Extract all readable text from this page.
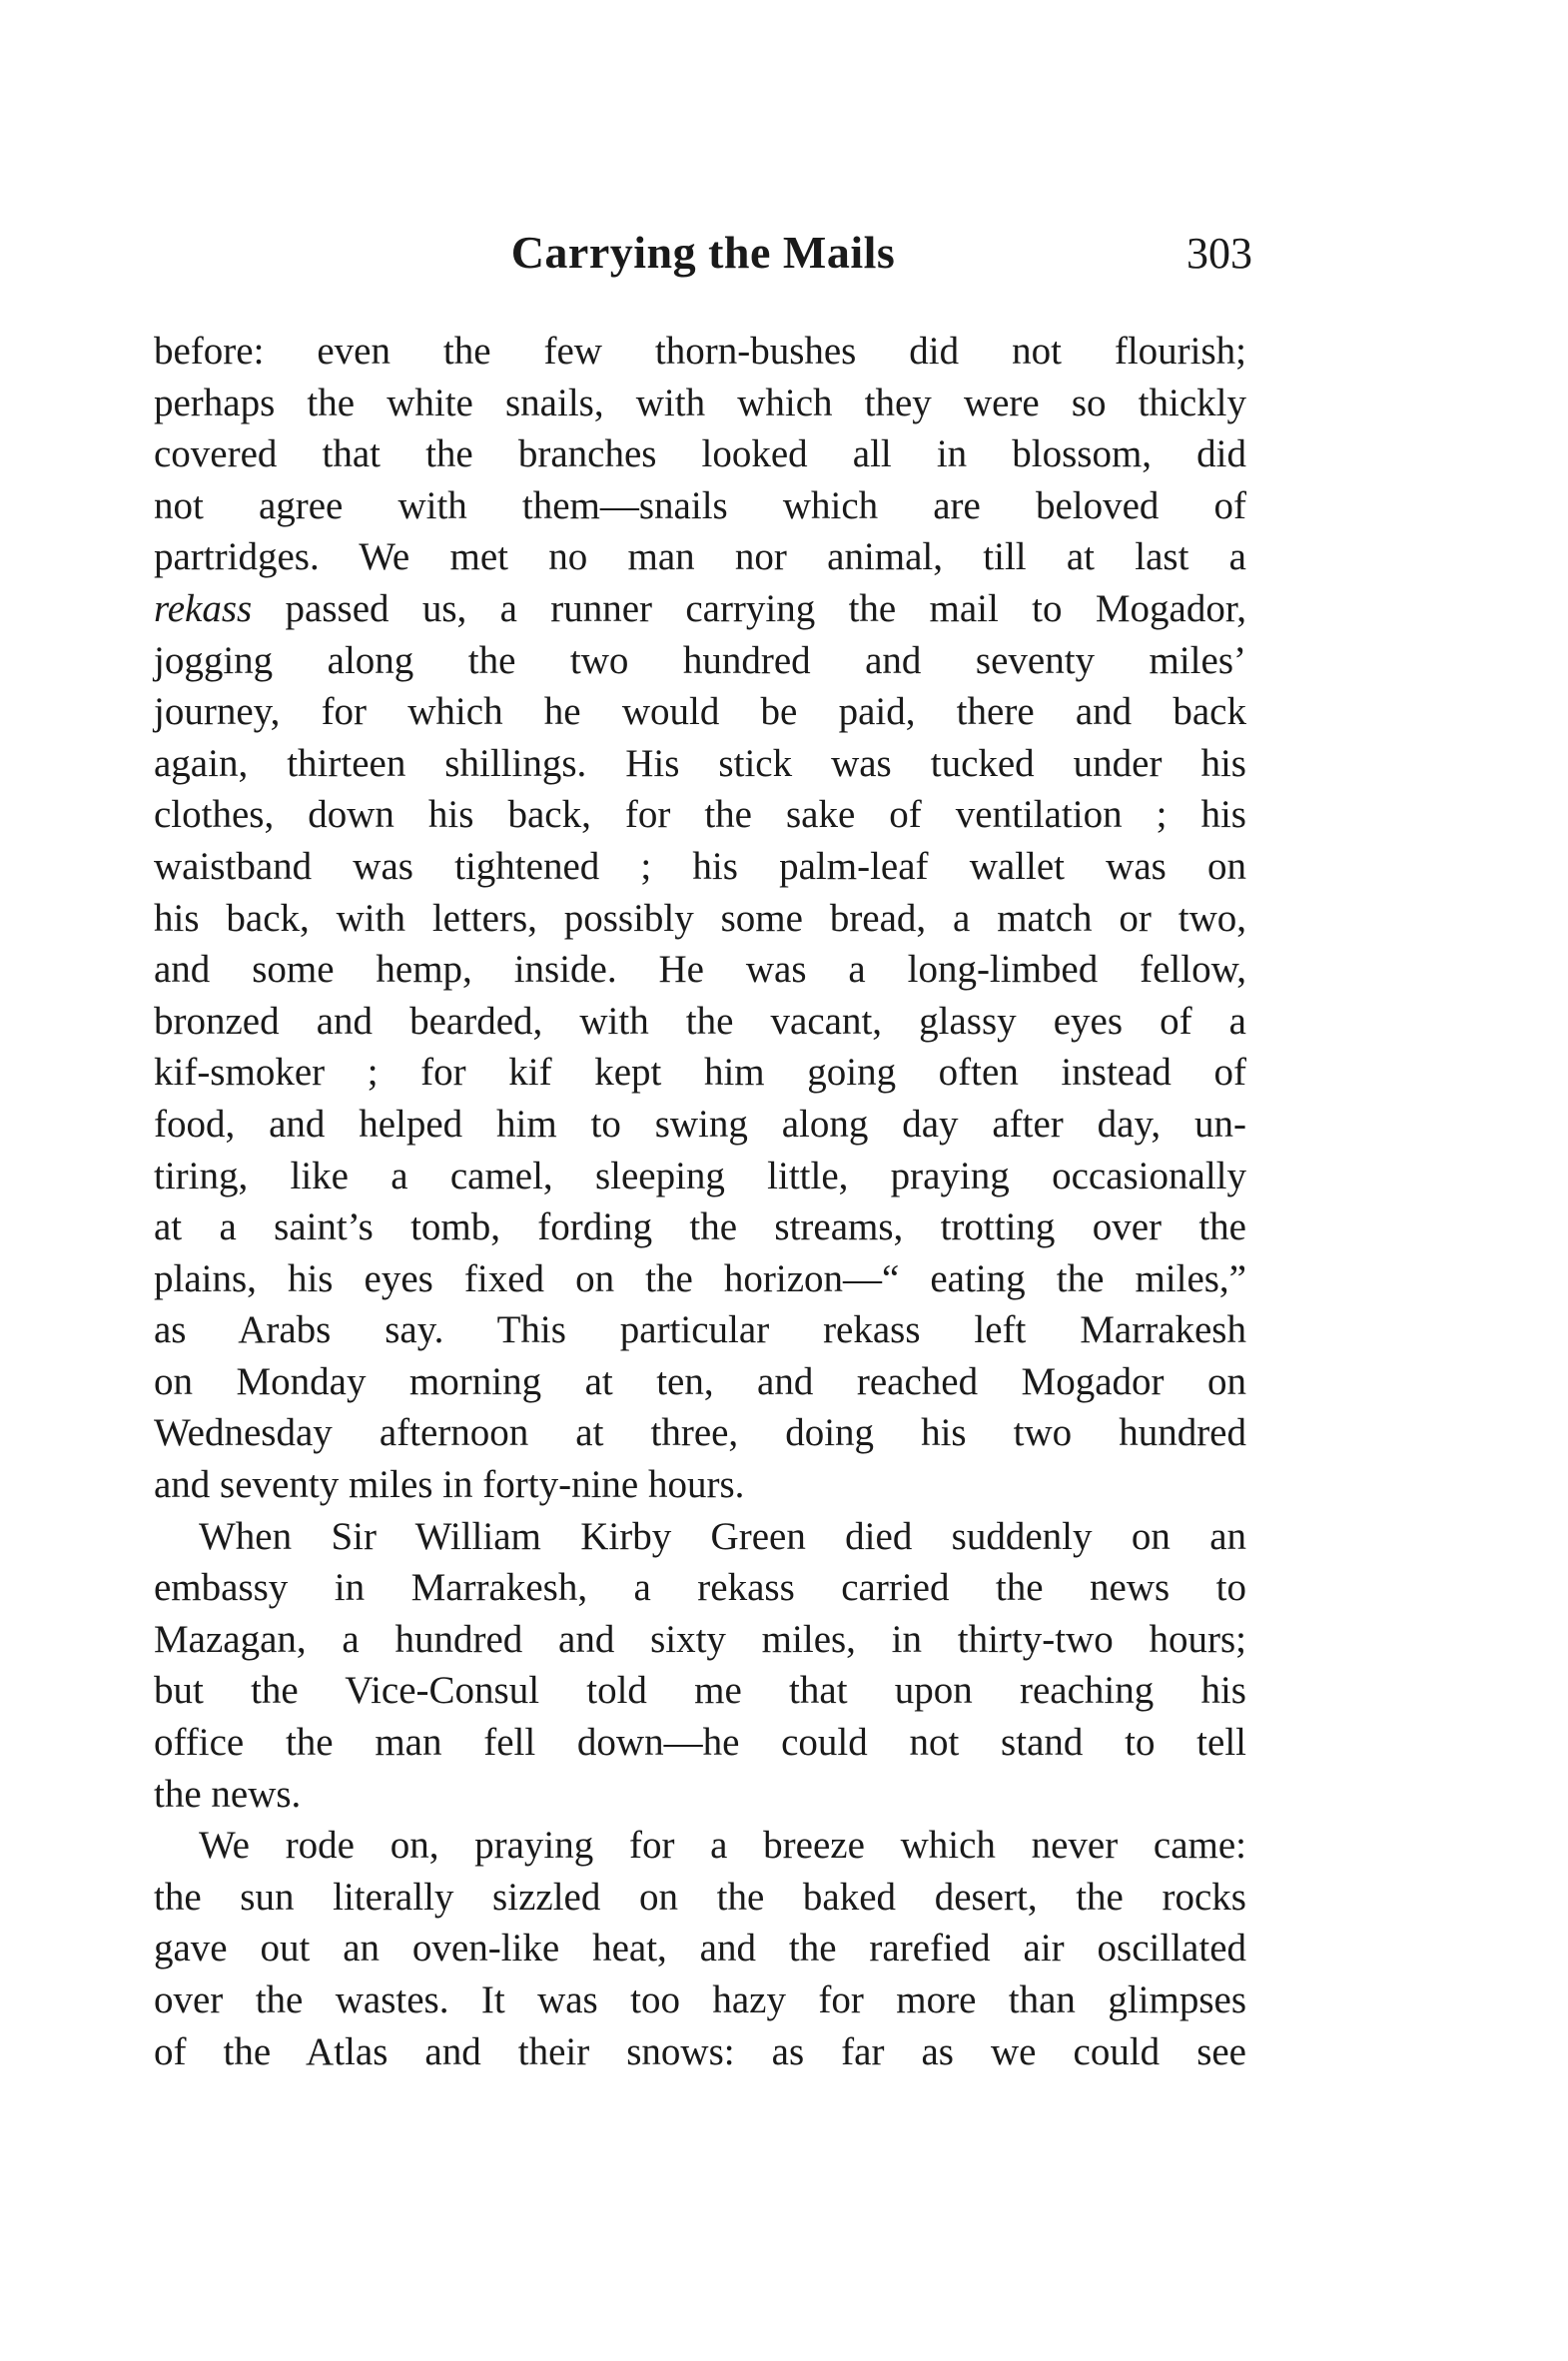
Carrying the Mails	303
before: even the few thorn-bushes did not flourish;
perhaps the white snails, with which they were so thickly
covered that the branches looked all in blossom, did
not agree with them—snails which are beloved of
partridges. We met no man nor animal, till at last a
rekass passed us, a runner carrying the mail to Mogador,
jogging along the two hundred and seventy miles’
journey, for which he would be paid, there and back
again, thirteen shillings. His stick was tucked under his
clothes, down his back, for the sake of ventilation ; his
waistband was tightened ; his palm-leaf wallet was on
his back, with letters, possibly some bread, a match or two,
and some hemp, inside. He was a long-limbed fellow,
bronzed and bearded, with the vacant, glassy eyes of a
kif-smoker ; for kif kept him going often instead of
food, and helped him to swing along day after day, un-
tiring, like a camel, sleeping little, praying occasionally
at a saint’s tomb, fording the streams, trotting over the
plains, his eyes fixed on the horizon—“ eating the miles,”
as Arabs say. This particular rekass left Marrakesh
on Monday morning at ten, and reached Mogador on
Wednesday afternoon at three, doing his two hundred
and seventy miles in forty-nine hours.
When Sir William Kirby Green died suddenly on an
embassy in Marrakesh, a rekass carried the news to
Mazagan, a hundred and sixty miles, in thirty-two hours;
but the Vice-Consul told me that upon reaching his
office the man fell down—he could not stand to tell
the news.
We rode on, praying for a breeze which never came:
the sun literally sizzled on the baked desert, the rocks
gave out an oven-like heat, and the rarefied air oscillated
over the wastes. It was too hazy for more than glimpses
of the Atlas and their snows: as far as we could see
